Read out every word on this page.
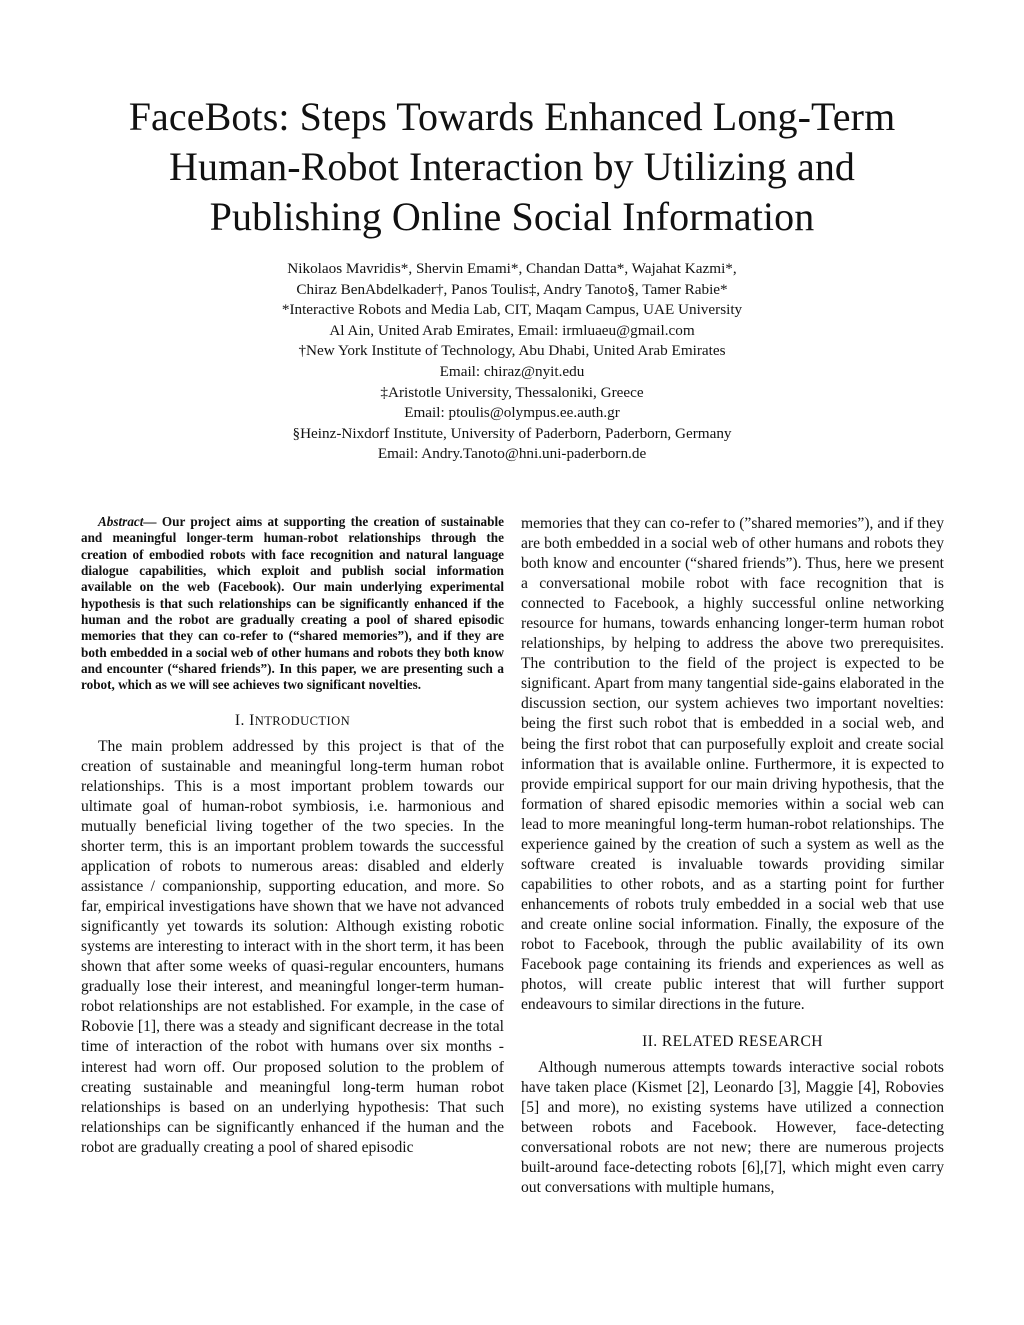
FaceBots: Steps Towards Enhanced Long-Term
Human-Robot Interaction by Utilizing and
Publishing Online Social Information
Nikolaos Mavridis*, Shervin Emami*, Chandan Datta*, Wajahat Kazmi*,
Chiraz BenAbdelkader†, Panos Toulis‡, Andry Tanoto§, Tamer Rabie*
*Interactive Robots and Media Lab, CIT, Maqam Campus, UAE University
Al Ain, United Arab Emirates, Email: irmluaeu@gmail.com
†New York Institute of Technology, Abu Dhabi, United Arab Emirates
Email: chiraz@nyit.edu
‡Aristotle University, Thessaloniki, Greece
Email: ptoulis@olympus.ee.auth.gr
§Heinz-Nixdorf Institute, University of Paderborn, Paderborn, Germany
Email: Andry.Tanoto@hni.uni-paderborn.de

Abstract— Our project aims at supporting the creation of sustainable and meaningful longer-term human-robot relationships through the creation of embodied robots with face recognition and natural language dialogue capabilities, which exploit and publish social information available on the web (Facebook). Our main underlying experimental hypothesis is that such relationships can be significantly enhanced if the human and the robot are gradually creating a pool of shared episodic memories that they can co-refer to (“shared memories”), and if they are both embedded in a social web of other humans and robots they both know and encounter (“shared friends”). In this paper, we are presenting such a robot, which as we will see achieves two significant novelties.

I. INTRODUCTION

The main problem addressed by this project is that of the creation of sustainable and meaningful long-term human robot relationships. This is a most important problem towards our ultimate goal of human-robot symbiosis, i.e. harmonious and mutually beneficial living together of the two species. In the shorter term, this is an important problem towards the successful application of robots to numerous areas: disabled and elderly assistance / companionship, supporting education, and more. So far, empirical investigations have shown that we have not advanced significantly yet towards its solution: Although existing robotic systems are interesting to interact with in the short term, it has been shown that after some weeks of quasi-regular encounters, humans gradually lose their interest, and meaningful longer-term human-robot relationships are not established. For example, in the case of Robovie [1], there was a steady and significant decrease in the total time of interaction of the robot with humans over six months - interest had worn off. Our proposed solution to the problem of creating sustainable and meaningful long-term human robot relationships is based on an underlying hypothesis: That such relationships can be significantly enhanced if the human and the robot are gradually creating a pool of shared episodic

memories that they can co-refer to (”shared memories”), and if they are both embedded in a social web of other humans and robots they both know and encounter (“shared friends”). Thus, here we present a conversational mobile robot with face recognition that is connected to Facebook, a highly successful online networking resource for humans, towards enhancing longer-term human robot relationships, by helping to address the above two prerequisites. The contribution to the field of the project is expected to be significant. Apart from many tangential side-gains elaborated in the discussion section, our system achieves two important novelties: being the first such robot that is embedded in a social web, and being the first robot that can purposefully exploit and create social information that is available online. Furthermore, it is expected to provide empirical support for our main driving hypothesis, that the formation of shared episodic memories within a social web can lead to more meaningful long-term human-robot relationships. The experience gained by the creation of such a system as well as the software created is invaluable towards providing similar capabilities to other robots, and as a starting point for further enhancements of robots truly embedded in a social web that use and create online social information. Finally, the exposure of the robot to Facebook, through the public availability of its own Facebook page containing its friends and experiences as well as photos, will create public interest that will further support endeavours to similar directions in the future.

II. RELATED RESEARCH

Although numerous attempts towards interactive social robots have taken place (Kismet [2], Leonardo [3], Maggie [4], Robovies [5] and more), no existing systems have utilized a connection between robots and Facebook. However, face-detecting conversational robots are not new; there are numerous projects built-around face-detecting robots [6],[7], which might even carry out conversations with multiple humans,
